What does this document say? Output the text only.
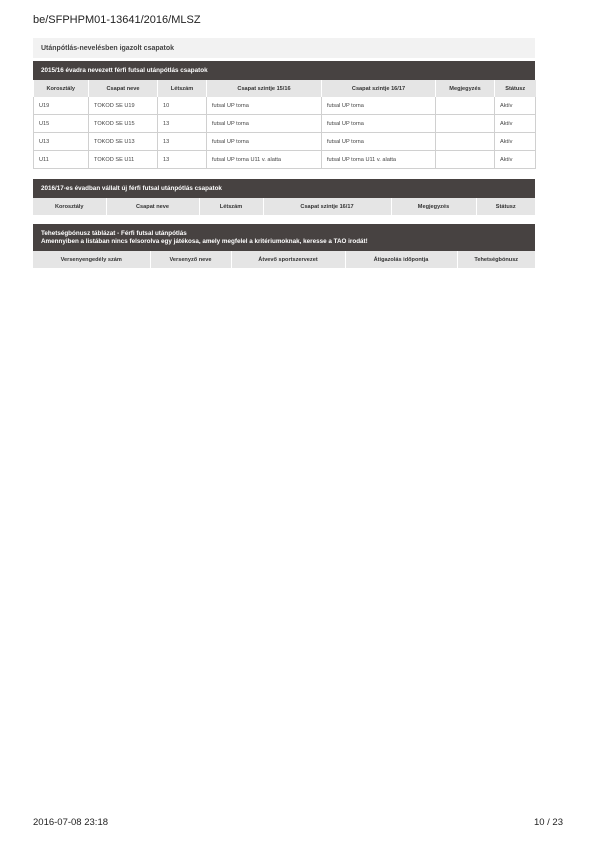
be/SFPHPM01-13641/2016/MLSZ
Utánpótlás-nevelésben igazolt csapatok
2015/16 évadra nevezett férfi futsal utánpótlás csapatok
Korosztály	Csapat neve	Létszám	Csapat szintje 15/16	Csapat szintje 16/17	Megjegyzés	Státusz
U19	TOKOD SE U19	10	futsal UP torna	futsal UP torna		Aktív
U15	TOKOD SE U15	13	futsal UP torna	futsal UP torna		Aktív
U13	TOKOD SE U13	13	futsal UP torna	futsal UP torna		Aktív
U11	TOKOD SE U11	13	futsal UP torna U11 v. alatta	futsal UP torna U11 v. alatta		Aktív
2016/17-es évadban vállalt új férfi futsal utánpótlás csapatok
Korosztály	Csapat neve	Létszám	Csapat szintje 16/17	Megjegyzés	Státusz
Tehetségbónusz táblázat - Férfi futsal utánpótlás
Amennyiben a listában nincs felsorolva egy játékosa, amely megfelel a kritériumoknak, keresse a TAO irodát!
Versenyengedély szám	Versenyző neve	Átvevő sportszervezet	Átigazolás időpontja	Tehetségbónusz
2016-07-08 23:18	10 / 23
